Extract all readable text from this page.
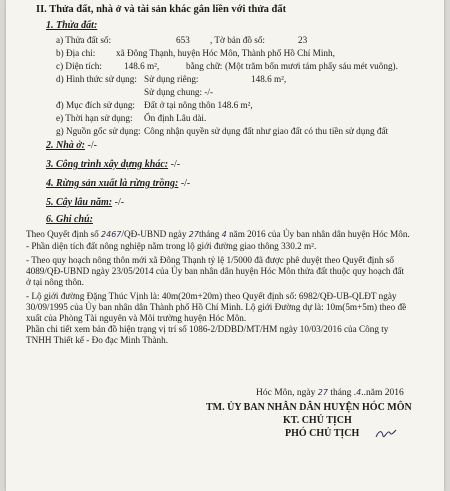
II. Thửa đất, nhà ở và tài sản khác gắn liền với thửa đất
1. Thửa đất:
a) Thửa đất số:	653 , Tờ bản đồ số:	23
b) Địa chỉ: xã Đông Thạnh, huyện Hóc Môn, Thành phố Hồ Chí Minh,
c) Diện tích: 148.6 m²,	bằng chữ: (Một trăm bốn mươi tám phẩy sáu mét vuông).
d) Hình thức sử dụng: Sử dụng riêng:	148.6 m²,
Sử dụng chung: -/-
đ) Mục đích sử dụng: Đất ở tại nông thôn 148.6 m²,
e) Thời hạn sử dụng: Ổn định Lâu dài.
g) Nguồn gốc sử dụng: Công nhận quyền sử dụng đất như giao đất có thu tiền sử dụng đất
2. Nhà ở: -/-
3. Công trình xây dựng khác: -/-
4. Rừng sản xuất là rừng trồng: -/-
5. Cây lâu năm: -/-
6. Ghi chú:
Theo Quyết định số 2467/QĐ-UBND ngày 27tháng 4 năm 2016 của Ủy ban nhân dân huyện Hóc Môn.
- Phần diện tích đất nông nghiệp nằm trong lộ giới đường giao thông 330.2 m².
- Theo quy hoạch nông thôn mới xã Đông Thạnh tỷ lệ 1/5000 đã được phê duyệt theo Quyết định số
4089/QĐ-UBND ngày 23/05/2014 của Ủy ban nhân dân huyện Hóc Môn thửa đất thuộc quy hoạch đất
ở tại nông thôn.
- Lộ giới đường Đặng Thúc Vịnh là: 40m(20m+20m) theo Quyết định số: 6982/QĐ-UB-QLĐT ngày
30/09/1995 của Ủy ban nhân dân Thành phố Hồ Chí Minh. Lộ giới Đường dự là: 10m(5m+5m) theo đề
xuất của Phòng Tài nguyên và Môi trường huyện Hóc Môn.
Phần chi tiết xem bản đồ hiện trạng vị trí số 1086-2/DDBD/MT/HM ngày 10/03/2016 của Công ty
TNHH Thiết kế - Đo đạc Minh Thành.
Hóc Môn, ngày 27 tháng .4..năm 2016
TM. ỦY BAN NHÂN DÂN HUYỆN HÓC MÔN
KT. CHỦ TỊCH
PHÓ CHỦ TỊCH
